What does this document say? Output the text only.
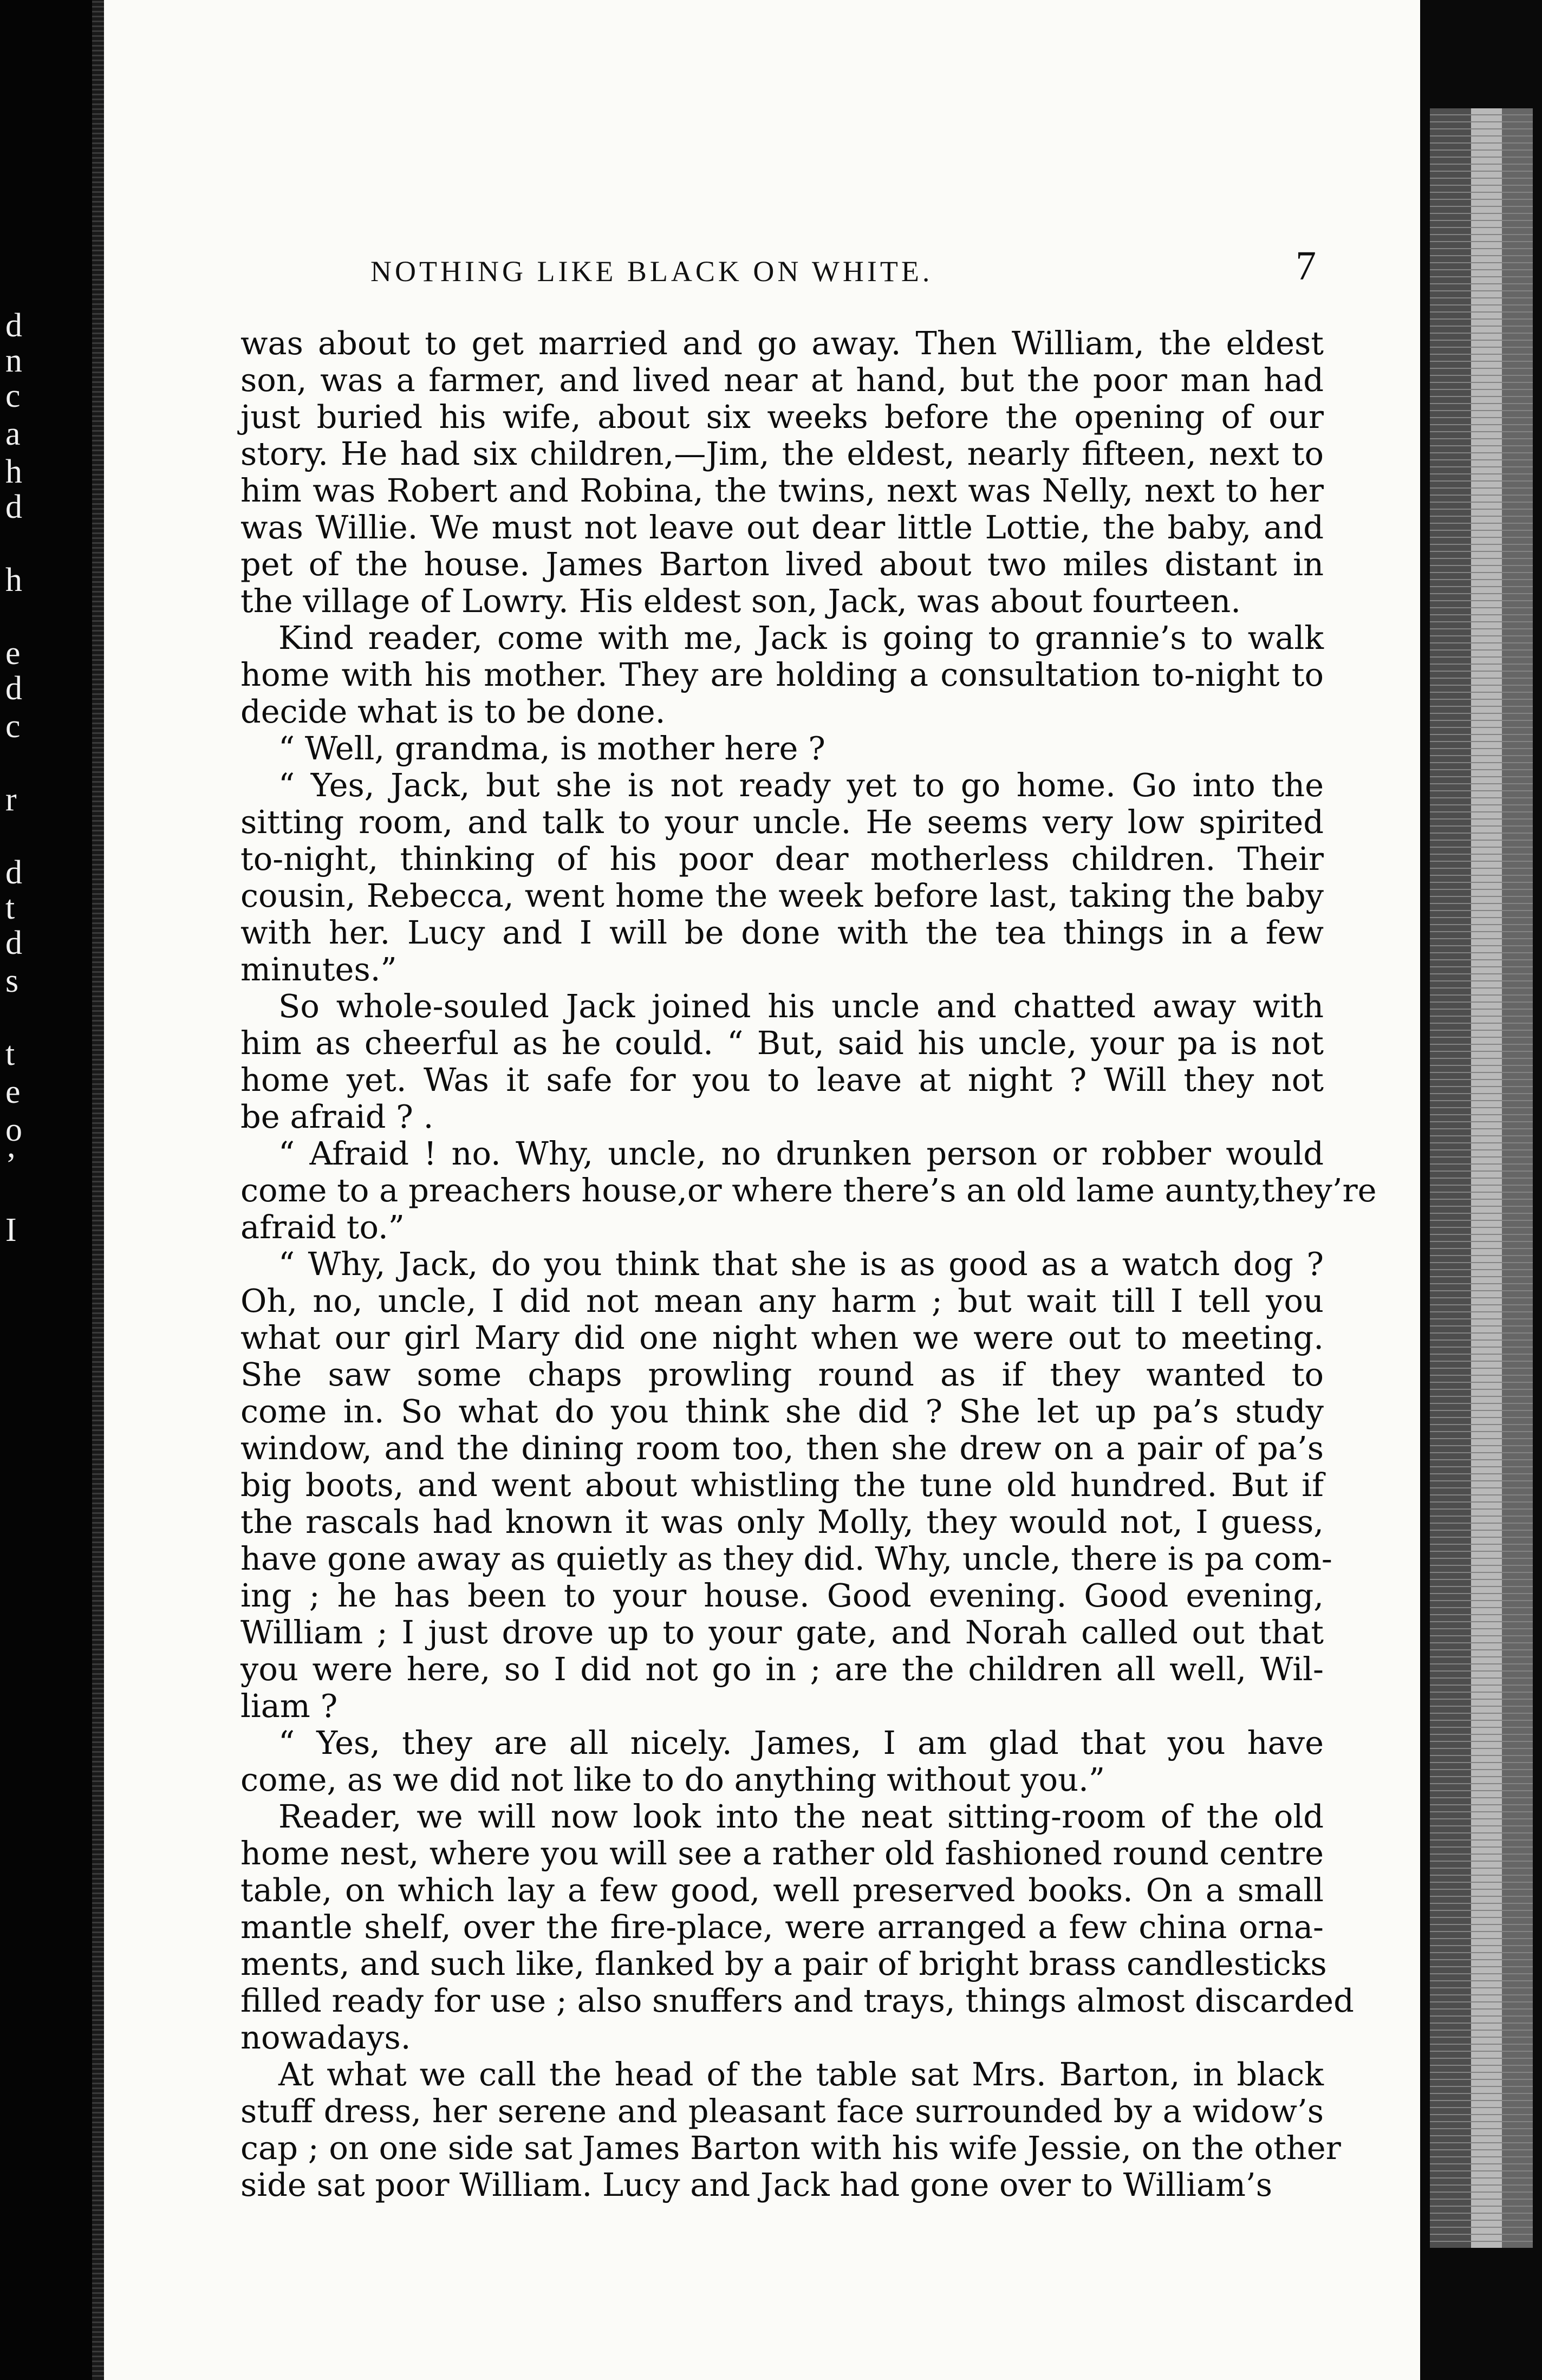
d
n
c
a
h
d
h
e
d
c
r
d
t
d
s
t
e
o
’
I
NOTHING LIKE BLACK ON WHITE.	7
was about to get married and go away. Then William, the eldest
son, was a farmer, and lived near at hand, but the poor man had
just buried his wife, about six weeks before the opening of our
story. He had six children,—Jim, the eldest, nearly fifteen, next to
him was Robert and Robina, the twins, next was Nelly, next to her
was Willie. We must not leave out dear little Lottie, the baby, and
pet of the house. James Barton lived about two miles distant in
the village of Lowry. His eldest son, Jack, was about fourteen.
Kind reader, come with me, Jack is going to grannie’s to walk
home with his mother. They are holding a consultation to-night to
decide what is to be done.
“ Well, grandma, is mother here ?
“ Yes, Jack, but she is not ready yet to go home. Go into the
sitting room, and talk to your uncle. He seems very low spirited
to-night, thinking of his poor dear motherless children. Their
cousin, Rebecca, went home the week before last, taking the baby
with her. Lucy and I will be done with the tea things in a few
minutes.”
So whole-souled Jack joined his uncle and chatted away with
him as cheerful as he could. “ But, said his uncle, your pa is not
home yet. Was it safe for you to leave at night ? Will they not
be afraid ? .
“ Afraid ! no. Why, uncle, no drunken person or robber would
come to a preachers house,or where there’s an old lame aunty,they’re
afraid to.”
“ Why, Jack, do you think that she is as good as a watch dog ?
Oh, no, uncle, I did not mean any harm ; but wait till I tell you
what our girl Mary did one night when we were out to meeting.
She saw some chaps prowling round as if they wanted to
come in. So what do you think she did ? She let up pa’s study
window, and the dining room too, then she drew on a pair of pa’s
big boots, and went about whistling the tune old hundred. But if
the rascals had known it was only Molly, they would not, I guess,
have gone away as quietly as they did. Why, uncle, there is pa com-
ing ; he has been to your house. Good evening. Good evening,
William ; I just drove up to your gate, and Norah called out that
you were here, so I did not go in ; are the children all well, Wil-
liam ?
“ Yes, they are all nicely. James, I am glad that you have
come, as we did not like to do anything without you.”
Reader, we will now look into the neat sitting-room of the old
home nest, where you will see a rather old fashioned round centre
table, on which lay a few good, well preserved books. On a small
mantle shelf, over the fire-place, were arranged a few china orna-
ments, and such like, flanked by a pair of bright brass candlesticks
filled ready for use ; also snuffers and trays, things almost discarded
nowadays.
At what we call the head of the table sat Mrs. Barton, in black
stuff dress, her serene and pleasant face surrounded by a widow’s
cap ; on one side sat James Barton with his wife Jessie, on the other
side sat poor William. Lucy and Jack had gone over to William’s
